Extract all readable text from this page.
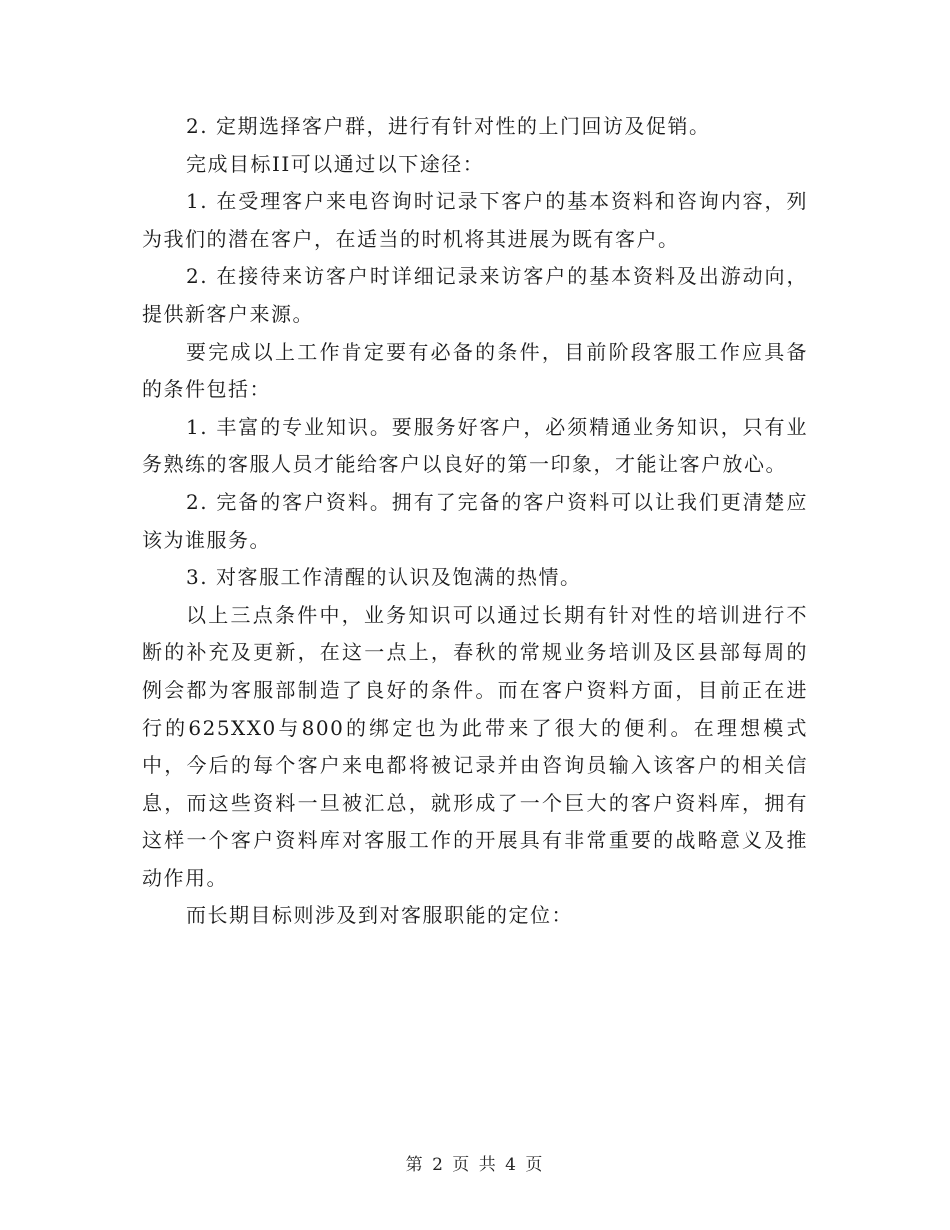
2. 定期选择客户群，进行有针对性的上门回访及促销。

完成目标II可以通过以下途径：

1. 在受理客户来电咨询时记录下客户的基本资料和咨询内容，列为我们的潜在客户，在适当的时机将其进展为既有客户。

2. 在接待来访客户时详细记录来访客户的基本资料及出游动向，提供新客户来源。

要完成以上工作肯定要有必备的条件，目前阶段客服工作应具备的条件包括：

1. 丰富的专业知识。要服务好客户，必须精通业务知识，只有业务熟练的客服人员才能给客户以良好的第一印象，才能让客户放心。

2. 完备的客户资料。拥有了完备的客户资料可以让我们更清楚应该为谁服务。

3. 对客服工作清醒的认识及饱满的热情。

以上三点条件中，业务知识可以通过长期有针对性的培训进行不断的补充及更新，在这一点上，春秋的常规业务培训及区县部每周的例会都为客服部制造了良好的条件。而在客户资料方面，目前正在进行的625XX0与800的绑定也为此带来了很大的便利。在理想模式中，今后的每个客户来电都将被记录并由咨询员输入该客户的相关信息，而这些资料一旦被汇总，就形成了一个巨大的客户资料库，拥有这样一个客户资料库对客服工作的开展具有非常重要的战略意义及推动作用。

而长期目标则涉及到对客服职能的定位：

第 2 页 共 4 页
